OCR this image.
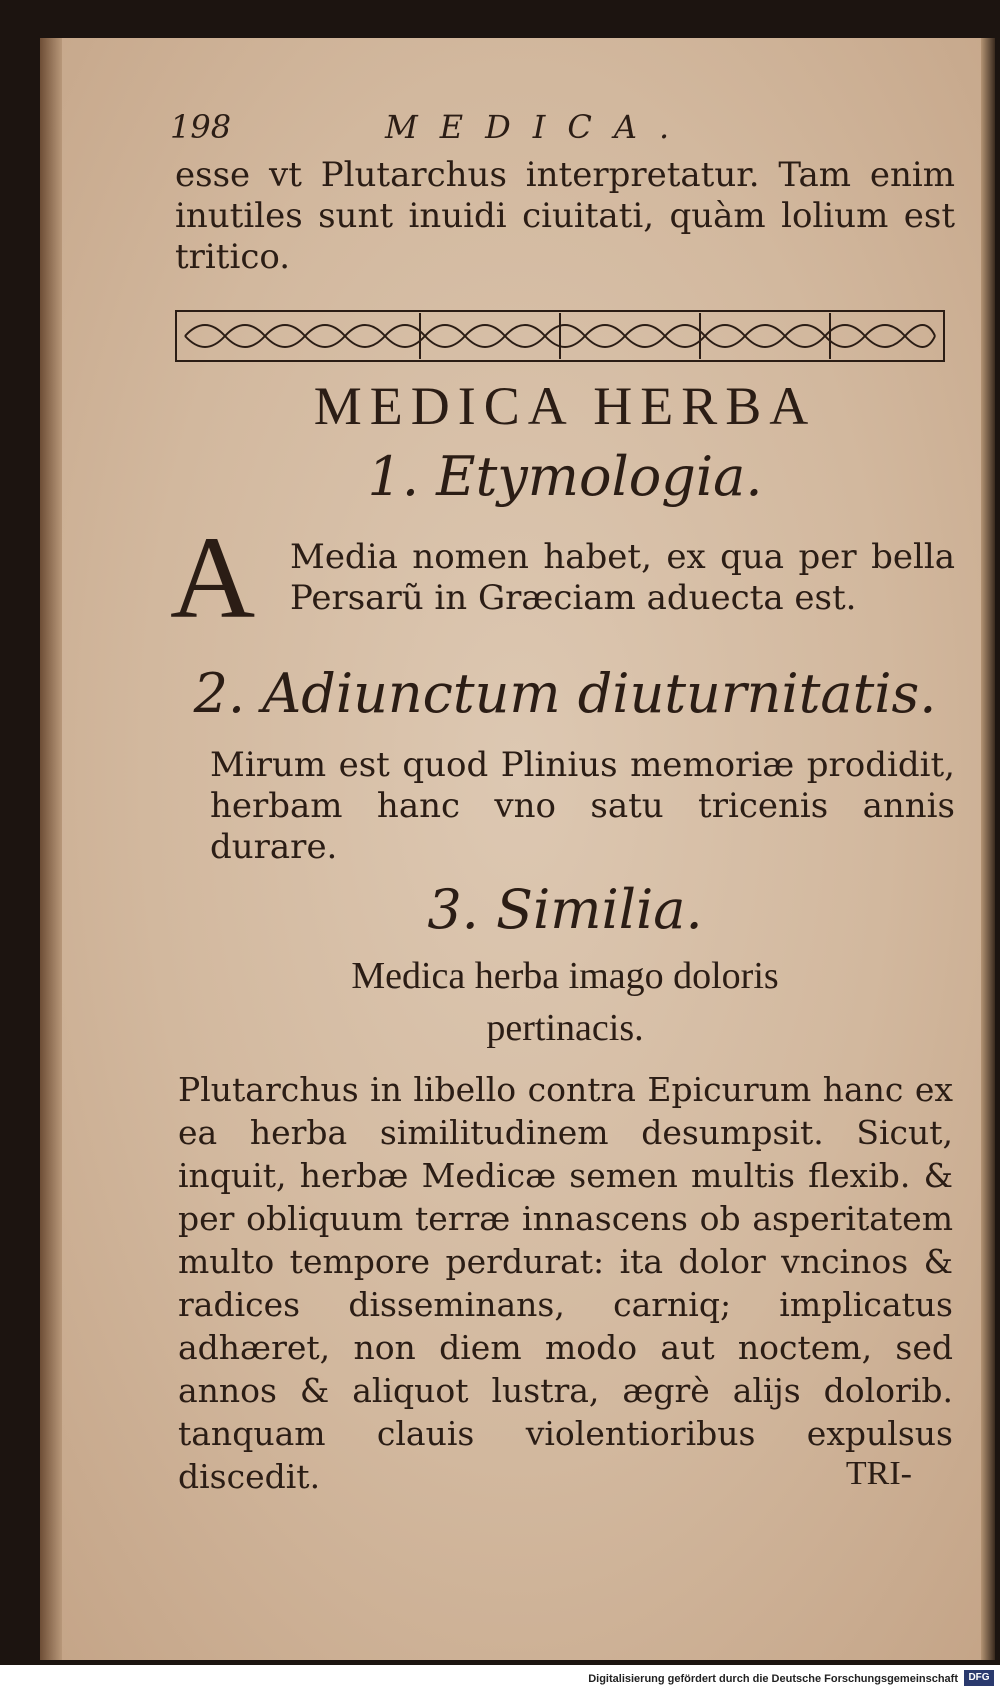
198	MEDICA.
esse vt Plutarchus interpretatur. Tam enim inutiles sunt inuidi ciuitati, quàm lolium est tritico.
MEDICA HERBA
1. Etymologia.
A Media nomen habet, ex qua per bella Persarũ in Græciam aduecta est.
2. Adiunctum diuturnitatis.
Mirum est quod Plinius memoriæ prodidit, herbam hanc vno satu tricenis annis durare.
3. Similia.
Medica herba imago doloris
pertinacis.
Plutarchus in libello contra Epicurum hanc ex ea herba similitudinem desumpsit. Sicut, inquit, herbæ Medicæ semen multis flexib. & per obliquum terræ innascens ob asperitatem multo tempore perdurat: ita dolor vncinos & radices disseminans, carniq; implicatus adhæret, non diem modo aut noctem, sed annos & aliquot lustra, ægrè alijs dolorib. tanquam clauis violentioribus expulsus discedit.	TRI-
Digitalisierung gefördert durch die Deutsche Forschungsgemeinschaft	DFG
